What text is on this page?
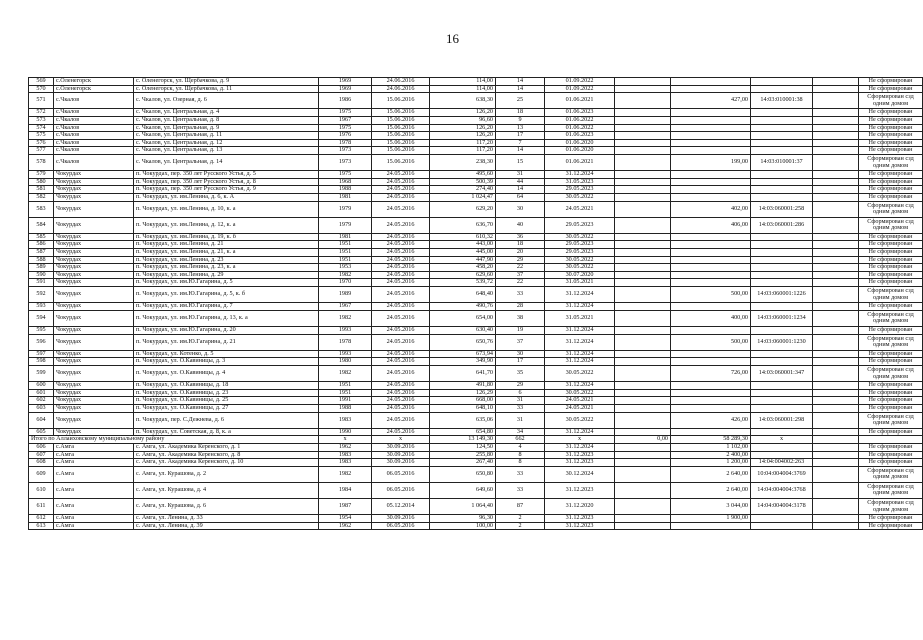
16
569	с.Оленегорск	с. Оленегорск, ул. Щербачкова, д. 9	1969	24.06.2016	114,00	14	01.09.2022					Не сформирован
570	с.Оленегорск	с. Оленегорск, ул. Щербачкова, д. 11	1969	24.06.2016	114,00	14	01.09.2022					Не сформирован
571	с.Чкалов	с. Чкалов, ул. Озерная, д. 6	1986	15.06.2016	638,30	25	01.06.2021		427,00	14:03:010001:38		Сформирован сзд одним домом
572	с.Чкалов	с. Чкалов, ул. Центральная, д. 4	1975	15.06.2016	126,20	18	01.06.2023					Не сформирован
573	с.Чкалов	с. Чкалов, ул. Центральная, д. 8	1967	15.06.2016	96,60	9	01.06.2022					Не сформирован
574	с.Чкалов	с. Чкалов, ул. Центральная, д. 9	1975	15.06.2016	126,20	13	01.06.2022					Не сформирован
575	с.Чкалов	с. Чкалов, ул. Центральная, д. 11	1976	15.06.2016	126,20	17	01.06.2023					Не сформирован
576	с.Чкалов	с. Чкалов, ул. Центральная, д. 12	1978	15.06.2016	117,20	7	01.06.2020					Не сформирован
577	с.Чкалов	с. Чкалов, ул. Центральная, д. 13	1973	15.06.2016	117,20	14	01.06.2020					Не сформирован
578	с.Чкалов	с. Чкалов, ул. Центральная, д. 14	1973	15.06.2016	238,30	15	01.06.2021		199,00	14:03:010001:37		Сформирован сзд одним домом
579	Чокурдах	п. Чокурдах, пер. 350 лет Русского Устья, д. 5	1975	24.05.2016	495,60	31	31.12.2024					Не сформирован
580	Чокурдах	п. Чокурдах, пер. 350 лет Русского Устья, д. 8	1968	24.05.2016	500,39	44	31.05.2023					Не сформирован
581	Чокурдах	п. Чокурдах, пер. 350 лет Русского Устья, д. 9	1988	24.05.2016	274,40	14	29.05.2023					Не сформирован
582	Чокурдах	п. Чокурдах, ул. им.Ленина, д. 6, к. А	1981	24.05.2016	1 024,47	64	30.05.2022					Не сформирован
583	Чокурдах	п. Чокурдах, ул. им.Ленина, д. 10, к. а	1979	24.05.2016	629,20	30	24.05.2021		402,00	14:03:060001:258		Сформирован сзд одним домом
584	Чокурдах	п. Чокурдах, ул. им.Ленина, д. 12, к. а	1979	24.05.2016	636,70	40	29.05.2023		406,00	14:03:060001:286		Сформирован сзд одним домом
585	Чокурдах	п. Чокурдах, ул. им.Ленина, д. 19, к. б	1981	24.05.2016	610,32	36	30.05.2022					Не сформирован
586	Чокурдах	п. Чокурдах, ул. им.Ленина, д. 21	1951	24.05.2016	443,00	18	29.05.2023					Не сформирован
587	Чокурдах	п. Чокурдах, ул. им.Ленина, д. 21, к. а	1951	24.05.2016	445,00	20	29.05.2023					Не сформирован
588	Чокурдах	п. Чокурдах, ул. им.Ленина, д. 23	1951	24.05.2016	447,90	29	30.05.2022					Не сформирован
589	Чокурдах	п. Чокурдах, ул. им.Ленина, д. 23, к. а	1953	24.05.2016	458,20	22	30.05.2022					Не сформирован
590	Чокурдах	п. Чокурдах, ул. им.Ленина, д. 29	1982	24.05.2016	629,60	37	30.07.2020					Не сформирован
591	Чокурдах	п. Чокурдах, ул. им.Ю.Гагарина, д. 5	1970	24.05.2016	539,72	22	31.05.2021					Не сформирован
592	Чокурдах	п. Чокурдах, ул. им.Ю.Гагарина, д. 5, к. б	1989	24.05.2016	648,40	33	31.12.2024		500,00	14:03:060001:1226		Сформирован сзд одним домом
593	Чокурдах	п. Чокурдах, ул. им.Ю.Гагарина, д. 7	1967	24.05.2016	490,76	28	31.12.2024					Не сформирован
594	Чокурдах	п. Чокурдах, ул. им.Ю.Гагарина, д. 13, к. а	1982	24.05.2016	654,00	38	31.05.2021		400,00	14:03:060001:1234		Сформирован сзд одним домом
595	Чокурдах	п. Чокурдах, ул. им.Ю.Гагарина, д. 20	1993	24.05.2016	630,40	19	31.12.2024					Не сформирован
596	Чокурдах	п. Чокурдах, ул. им.Ю.Гагарина, д. 21	1978	24.05.2016	650,76	37	31.12.2024		500,00	14:03:060001:1230		Сформирован сзд одним домом
597	Чокурдах	п. Чокурдах, ул. Котенко, д. 5	1993	24.05.2016	673,94	30	31.12.2024					Не сформирован
598	Чокурдах	п. Чокурдах, ул. О.Кавиницы, д. 3	1980	24.05.2016	349,90	17	31.12.2024					Не сформирован
599	Чокурдах	п. Чокурдах, ул. О.Кавиницы, д. 4	1982	24.05.2016	641,70	35	30.05.2022		726,00	14:03:060001:347		Сформирован сзд одним домом
600	Чокурдах	п. Чокурдах, ул. О.Кавиницы, д. 18	1951	24.05.2016	491,80	29	31.12.2024					Не сформирован
601	Чокурдах	п. Чокурдах, ул. О.Кавиницы, д. 23	1951	24.05.2016	126,29	6	30.05.2022					Не сформирован
602	Чокурдах	п. Чокурдах, ул. О.Кавиницы, д. 25	1991	24.05.2016	668,00	31	24.05.2021					Не сформирован
603	Чокурдах	п. Чокурдах, ул. О.Кавиницы, д. 27	1988	24.05.2016	648,10	33	24.05.2021					Не сформирован
604	Чокурдах	п. Чокурдах, пер. С.Дежнева, д. 6	1983	24.05.2016	635,06	31	30.05.2022		426,00	14:03:060001:298		Сформирован сзд одним домом
605	Чокурдах	п. Чокурдах, ул. Советская, д. 8, к. а	1990	24.05.2016	654,80	34	31.12.2024					Не сформирован
Итого по Аллаиховскому муниципальному району			х	х	13 149,30	662	х	0,00	58 289,30	х		
606	с.Амга	с. Амга, ул. Академика Керенского, д. 1	1962	30.09.2016	124,50	4	31.12.2024		1 102,00			Не сформирован
607	с.Амга	с. Амга, ул. Академика Керенского, д. 8	1983	30.09.2016	255,80	8	31.12.2023		2 400,00			Не сформирован
608	с.Амга	с. Амга, ул. Академика Керенского, д. 10	1983	30.09.2016	267,40	8	31.12.2023		1 200,00	14:04:004002:263		Не сформирован
609	с.Амга	с. Амга, ул. Курашова, д. 2	1982	06.05.2016	650,80	33	30.12.2024		2 640,00	10:04:004004:3769		Сформирован сзд одним домом
610	с.Амга	с. Амга, ул. Курашова, д. 4	1984	06.05.2016	649,60	33	31.12.2023		2 640,00	14:04:004004:3768		Сформирован сзд одним домом
611	с.Амга	с. Амга, ул. Курашова, д. 6	1987	05.12.2014	1 064,40	87	31.12.2020		3 044,00	14:04:004004:3178		Сформирован сзд одним домом
612	с.Амга	с. Амга, ул. Ленина, д. 33	1954	30.09.2016	96,30	2	31.12.2023		1 900,00			Не сформирован
613	с.Амга	с. Амга, ул. Ленина, д. 39	1962	06.05.2016	100,00	2	31.12.2023					Не сформирован
